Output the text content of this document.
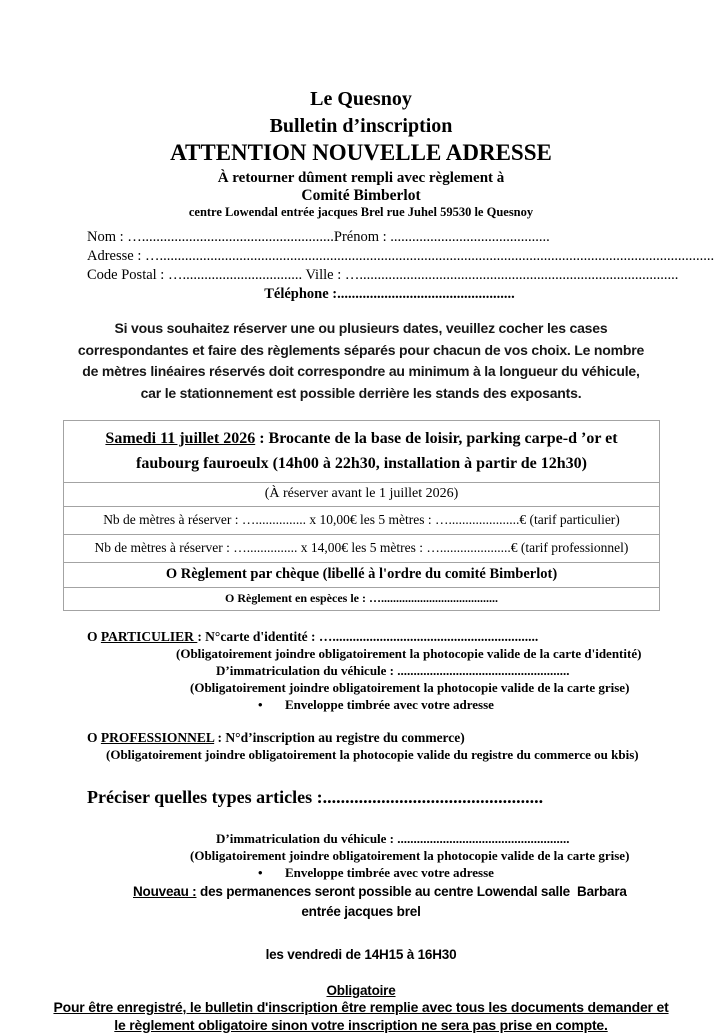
Le Quesnoy
Bulletin d’inscription
ATTENTION NOUVELLE ADRESSE
À retourner dûment rempli avec règlement à
Comité Bimberlot
centre Lowendal entrée jacques Brel rue Juhel 59530 le Quesnoy
Nom : ….....................................................Prénom : ............................................
Adresse : ….........................................................................................................................................................
Code Postal : …................................. Ville : …........................................................................................
Téléphone :.................................................
Si vous souhaitez réserver une ou plusieurs dates, veuillez cocher les cases correspondantes et faire des règlements séparés pour chacun de vos choix. Le nombre de mètres linéaires réservés doit correspondre au minimum à la longueur du véhicule, car le stationnement est possible derrière les stands des exposants.
Samedi 11 juillet 2026 : Brocante de la base de loisir, parking carpe-d ’or et faubourg fauroeulx (14h00 à 22h30, installation à partir de 12h30)
(À réserver avant le 1 juillet 2026)
Nb de mètres à réserver : …............... x 10,00€ les 5 mètres : ….....................€ (tarif particulier)
Nb de mètres à réserver : …............... x 14,00€ les 5 mètres : ….....................€ (tarif professionnel)
O Règlement par chèque (libellé à l'ordre du comité Bimberlot)
O Règlement en espèces le : ….......................................
O PARTICULIER : N°carte d'identité : ….............................................................
(Obligatoirement joindre obligatoirement la photocopie valide de la carte d'identité)
D’immatriculation du véhicule : .....................................................
(Obligatoirement joindre obligatoirement la photocopie valide de la carte grise)
• Enveloppe timbrée avec votre adresse
O PROFESSIONNEL : N°d’inscription au registre du commerce)
(Obligatoirement joindre obligatoirement la photocopie valide du registre du commerce ou kbis)
Préciser quelles types articles :.................................................
D’immatriculation du véhicule : .....................................................
(Obligatoirement joindre obligatoirement la photocopie valide de la carte grise)
• Enveloppe timbrée avec votre adresse
Nouveau : des permanences seront possible au centre Lowendal salle  Barbara
entrée jacques brel
les vendredi de 14H15 à 16H30
Obligatoire
Pour être enregistré, le bulletin d'inscription être remplie avec tous les documents demander et
le règlement obligatoire sinon votre inscription ne sera pas prise en compte.
